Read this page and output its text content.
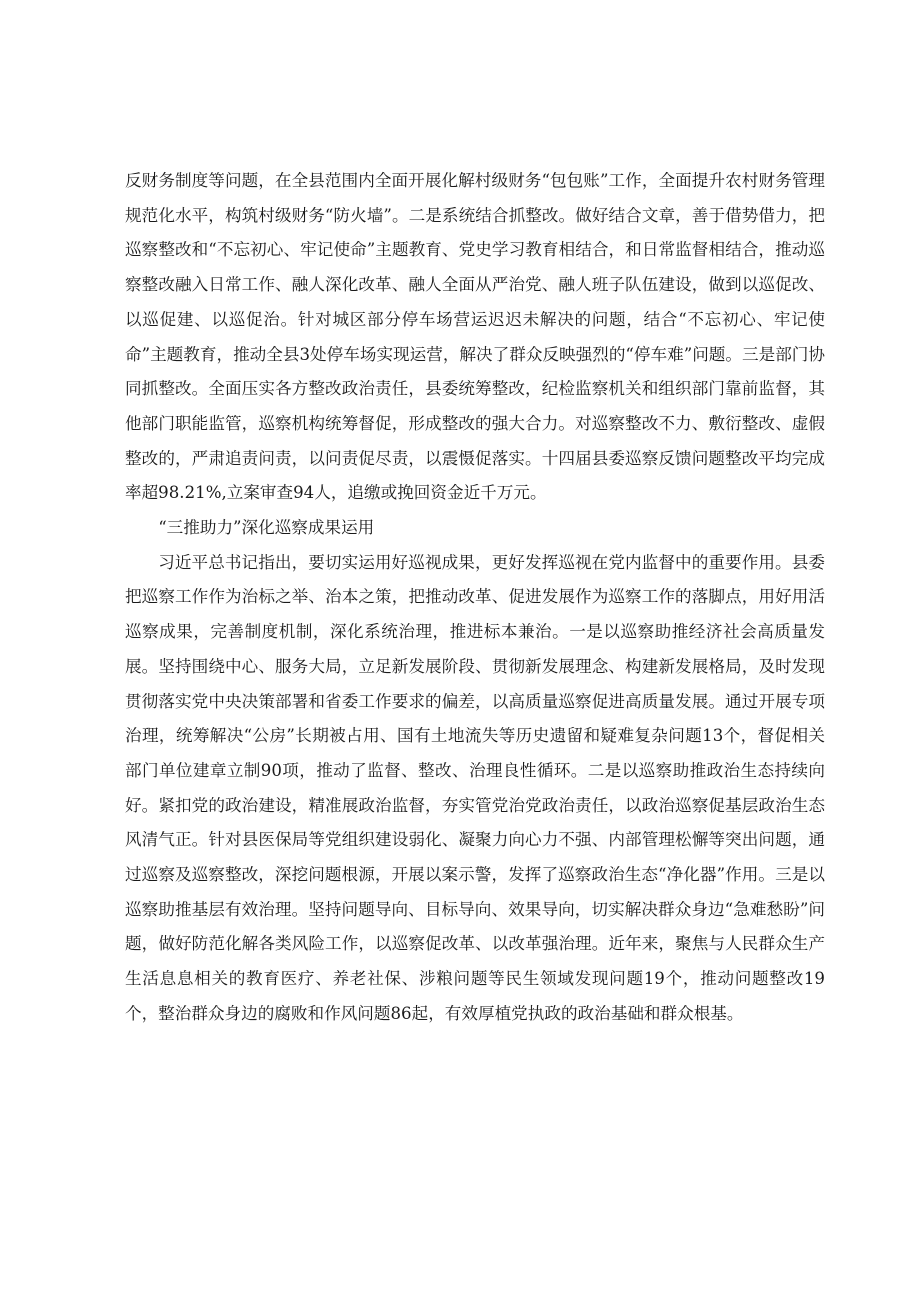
反财务制度等问题，在全县范围内全面开展化解村级财务“包包账”工作，全面提升农村财务管理规范化水平，构筑村级财务“防火墙”。二是系统结合抓整改。做好结合文章，善于借势借力，把巡察整改和“不忘初心、牢记使命”主题教育、党史学习教育相结合，和日常监督相结合，推动巡察整改融入日常工作、融人深化改革、融人全面从严治党、融人班子队伍建设，做到以巡促改、以巡促建、以巡促治。针对城区部分停车场营运迟迟未解决的问题，结合“不忘初心、牢记使命”主题教育，推动全县3处停车场实现运营，解决了群众反映强烈的“停车难”问题。三是部门协同抓整改。全面压实各方整改政治责任，县委统筹整改，纪检监察机关和组织部门靠前监督，其他部门职能监管，巡察机构统筹督促，形成整改的强大合力。对巡察整改不力、敷衍整改、虚假整改的，严肃追责问责，以问责促尽责，以震慑促落实。十四届县委巡察反馈问题整改平均完成率超98.21%,立案审查94人，追缴或挽回资金近千万元。

“三推助力”深化巡察成果运用

习近平总书记指出，要切实运用好巡视成果，更好发挥巡视在党内监督中的重要作用。县委把巡察工作作为治标之举、治本之策，把推动改革、促进发展作为巡察工作的落脚点，用好用活巡察成果，完善制度机制，深化系统治理，推进标本兼治。一是以巡察助推经济社会高质量发展。坚持围绕中心、服务大局，立足新发展阶段、贯彻新发展理念、构建新发展格局，及时发现贯彻落实党中央决策部署和省委工作要求的偏差，以高质量巡察促进高质量发展。通过开展专项治理，统筹解决“公房”长期被占用、国有土地流失等历史遗留和疑难复杂问题13个，督促相关部门单位建章立制90项，推动了监督、整改、治理良性循环。二是以巡察助推政治生态持续向好。紧扣党的政治建设，精准展政治监督，夯实管党治党政治责任，以政治巡察促基层政治生态风清气正。针对县医保局等党组织建设弱化、凝聚力向心力不强、内部管理松懈等突出问题，通过巡察及巡察整改，深挖问题根源，开展以案示警，发挥了巡察政治生态“净化器”作用。三是以巡察助推基层有效治理。坚持问题导向、目标导向、效果导向，切实解决群众身边“急难愁盼”问题，做好防范化解各类风险工作，以巡察促改革、以改革强治理。近年来，聚焦与人民群众生产生活息息相关的教育医疗、养老社保、涉粮问题等民生领域发现问题19个，推动问题整改19个，整治群众身边的腐败和作风问题86起，有效厚植党执政的政治基础和群众根基。
